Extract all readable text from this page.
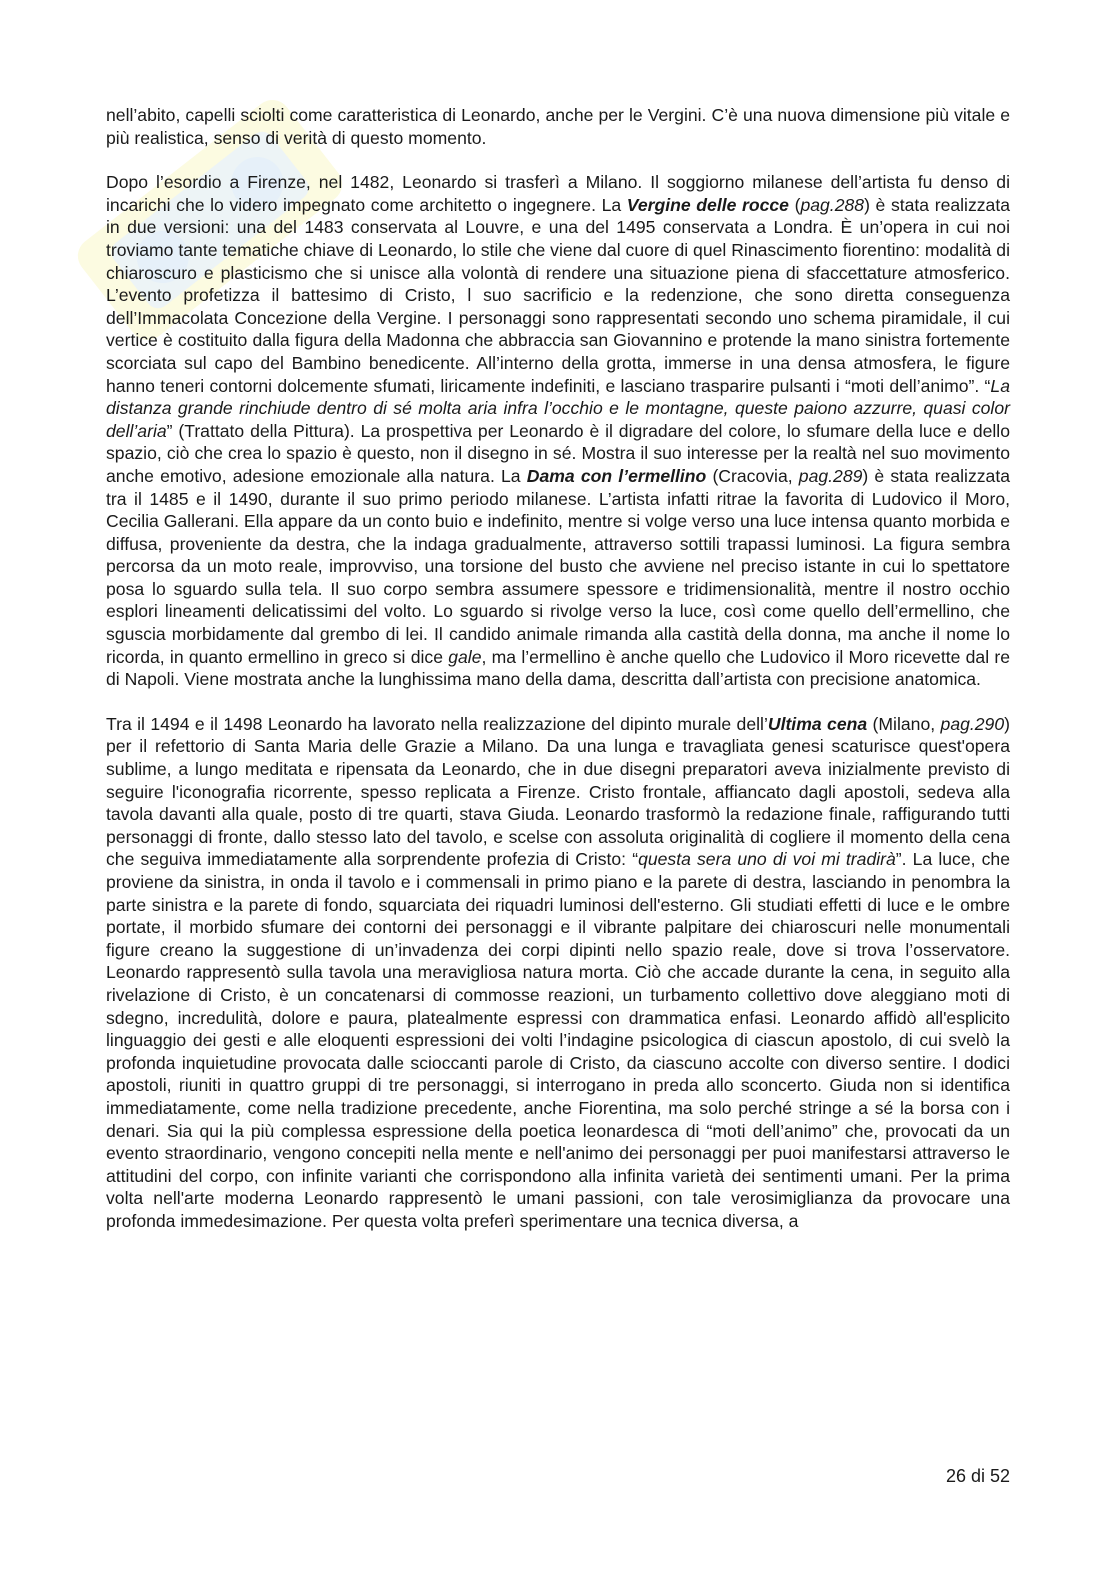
nell’abito, capelli sciolti come caratteristica di Leonardo, anche per le Vergini. C’è una nuova dimensione più vitale e più realistica, senso di verità di questo momento.

Dopo l’esordio a Firenze, nel 1482, Leonardo si trasferì a Milano. Il soggiorno milanese dell’artista fu denso di incarichi che lo videro impegnato come architetto o ingegnere. La Vergine delle rocce (pag.288) è stata realizzata in due versioni: una del 1483 conservata al Louvre, e una del 1495 conservata a Londra. È un’opera in cui noi troviamo tante tematiche chiave di Leonardo, lo stile che viene dal cuore di quel Rinascimento fiorentino: modalità di chiaroscuro e plasticismo che si unisce alla volontà di rendere una situazione piena di sfaccettature atmosferico. L’evento profetizza il battesimo di Cristo, l suo sacrificio e la redenzione, che sono diretta conseguenza dell’Immacolata Concezione della Vergine. I personaggi sono rappresentati secondo uno schema piramidale, il cui vertice è costituito dalla figura della Madonna che abbraccia san Giovannino e protende la mano sinistra fortemente scorciata sul capo del Bambino benedicente. All’interno della grotta, immerse in una densa atmosfera, le figure hanno teneri contorni dolcemente sfumati, liricamente indefiniti, e lasciano trasparire pulsanti i “moti dell’animo”. “La distanza grande rinchiude dentro di sé molta aria infra l’occhio e le montagne, queste paiono azzurre, quasi color dell’aria” (Trattato della Pittura). La prospettiva per Leonardo è il digradare del colore, lo sfumare della luce e dello spazio, ciò che crea lo spazio è questo, non il disegno in sé. Mostra il suo interesse per la realtà nel suo movimento anche emotivo, adesione emozionale alla natura. La Dama con l’ermellino (Cracovia, pag.289) è stata realizzata tra il 1485 e il 1490, durante il suo primo periodo milanese. L’artista infatti ritrae la favorita di Ludovico il Moro, Cecilia Gallerani. Ella appare da un conto buio e indefinito, mentre si volge verso una luce intensa quanto morbida e diffusa, proveniente da destra, che la indaga gradualmente, attraverso sottili trapassi luminosi. La figura sembra percorsa da un moto reale, improvviso, una torsione del busto che avviene nel preciso istante in cui lo spettatore posa lo sguardo sulla tela. Il suo corpo sembra assumere spessore e tridimensionalità, mentre il nostro occhio esplori lineamenti delicatissimi del volto. Lo sguardo si rivolge verso la luce, così come quello dell’ermellino, che sguscia morbidamente dal grembo di lei. Il candido animale rimanda alla castità della donna, ma anche il nome lo ricorda, in quanto ermellino in greco si dice gale, ma l’ermellino è anche quello che Ludovico il Moro ricevette dal re di Napoli. Viene mostrata anche la lunghissima mano della dama, descritta dall’artista con precisione anatomica.

Tra il 1494 e il 1498 Leonardo ha lavorato nella realizzazione del dipinto murale dell’Ultima cena (Milano, pag.290) per il refettorio di Santa Maria delle Grazie a Milano. Da una lunga e travagliata genesi scaturisce quest'opera sublime, a lungo meditata e ripensata da Leonardo, che in due disegni preparatori aveva inizialmente previsto di seguire l'iconografia ricorrente, spesso replicata a Firenze. Cristo frontale, affiancato dagli apostoli, sedeva alla tavola davanti alla quale, posto di tre quarti, stava Giuda. Leonardo trasformò la redazione finale, raffigurando tutti personaggi di fronte, dallo stesso lato del tavolo, e scelse con assoluta originalità di cogliere il momento della cena che seguiva immediatamente alla sorprendente profezia di Cristo: “questa sera uno di voi mi tradirà”. La luce, che proviene da sinistra, in onda il tavolo e i commensali in primo piano e la parete di destra, lasciando in penombra la parte sinistra e la parete di fondo, squarciata dei riquadri luminosi dell'esterno. Gli studiati effetti di luce e le ombre portate, il morbido sfumare dei contorni dei personaggi e il vibrante palpitare dei chiaroscuri nelle monumentali figure creano la suggestione di un’invadenza dei corpi dipinti nello spazio reale, dove si trova l’osservatore. Leonardo rappresentò sulla tavola una meravigliosa natura morta. Ciò che accade durante la cena, in seguito alla rivelazione di Cristo, è un concatenarsi di commosse reazioni, un turbamento collettivo dove aleggiano moti di sdegno, incredulità, dolore e paura, platealmente espressi con drammatica enfasi. Leonardo affidò all'esplicito linguaggio dei gesti e alle eloquenti espressioni dei volti l’indagine psicologica di ciascun apostolo, di cui svelò la profonda inquietudine provocata dalle scioccanti parole di Cristo, da ciascuno accolte con diverso sentire. I dodici apostoli, riuniti in quattro gruppi di tre personaggi, si interrogano in preda allo sconcerto. Giuda non si identifica immediatamente, come nella tradizione precedente, anche Fiorentina, ma solo perché stringe a sé la borsa con i denari. Sia qui la più complessa espressione della poetica leonardesca di “moti dell’animo” che, provocati da un evento straordinario, vengono concepiti nella mente e nell'animo dei personaggi per puoi manifestarsi attraverso le attitudini del corpo, con infinite varianti che corrispondono alla infinita varietà dei sentimenti umani. Per la prima volta nell'arte moderna Leonardo rappresentò le umani passioni, con tale verosimiglianza da provocare una profonda immedesimazione. Per questa volta preferì sperimentare una tecnica diversa, a

26 di 52
